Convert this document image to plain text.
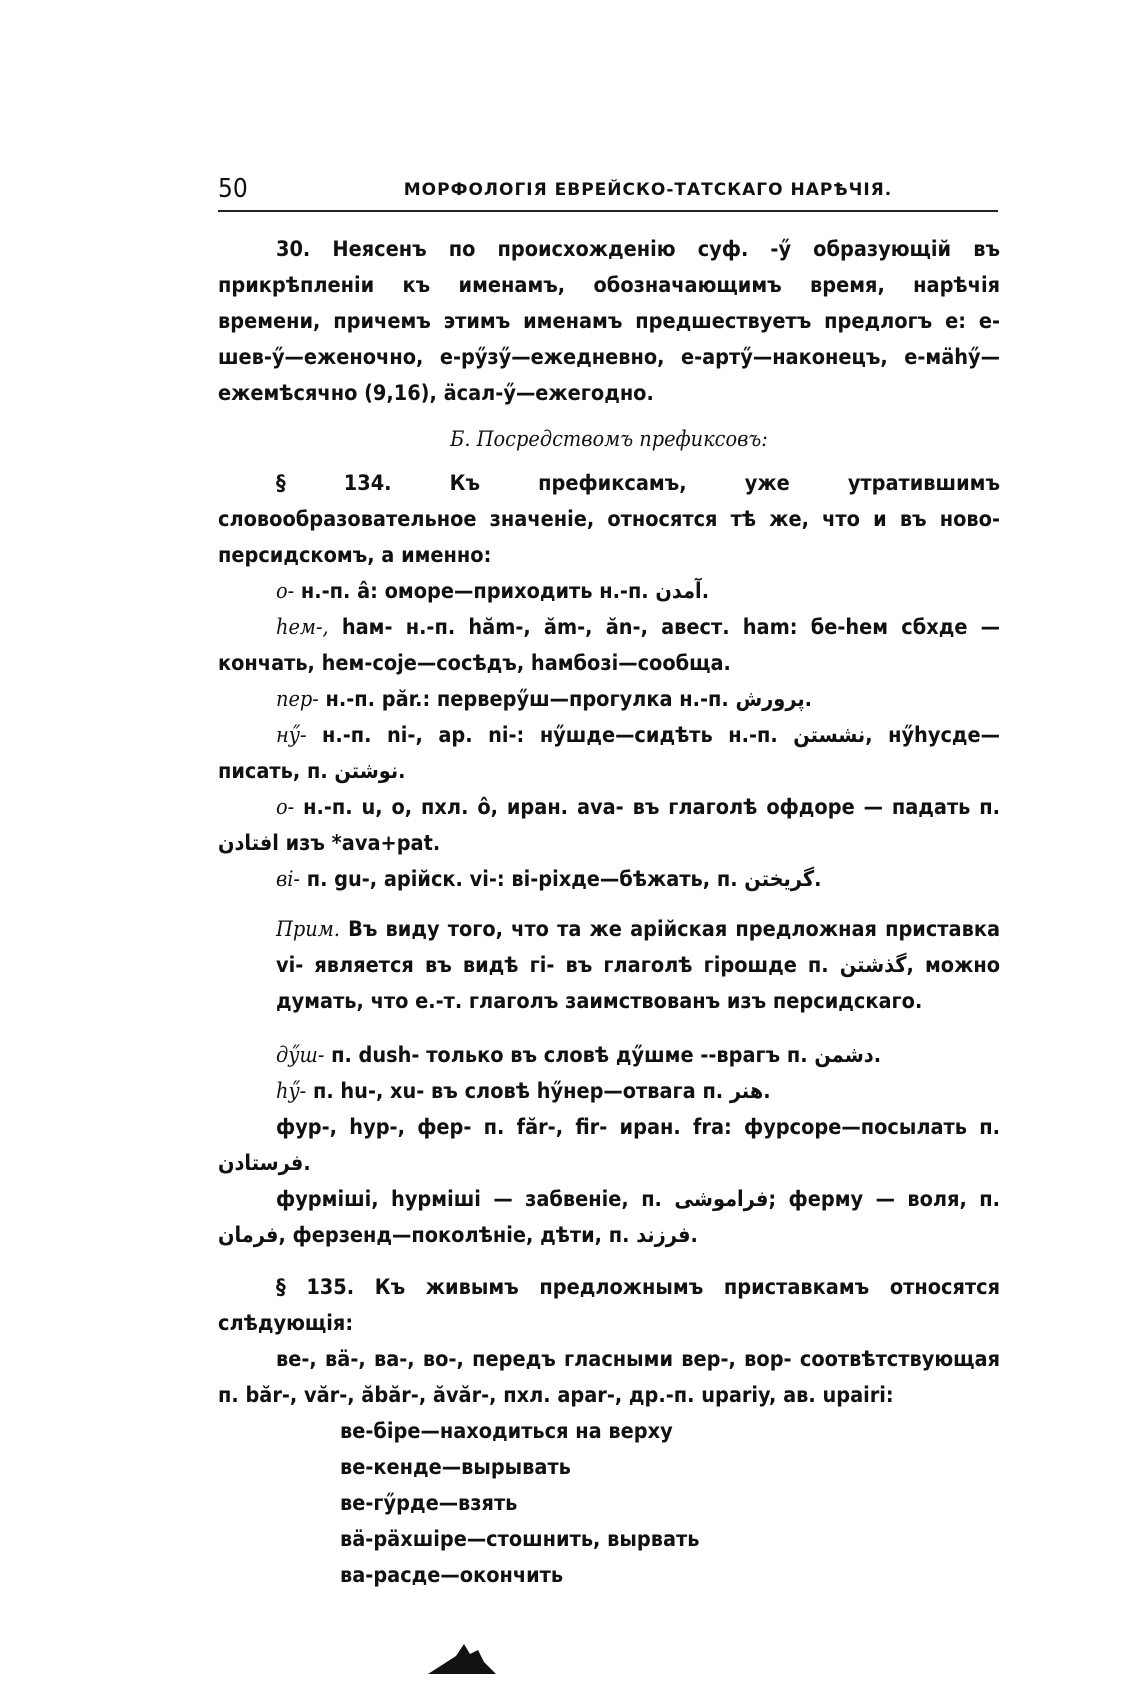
50	МОРФОЛОГІЯ ЕВРЕЙСКО-ТАТСКАГО НАРѢЧІЯ.

30. Неясенъ по происхожденію суф. -ӳ образующій въ прикрѣпленіи къ именамъ, обозначающимъ время, нарѣчія времени, причемъ этимъ именамъ предшествуетъ предлогъ е: е-шев-ӳ—еженочно, е-рӳзӳ—ежедневно, е-артӳ—наконецъ, е-мähӳ—ежемѣсячно (9,16), äсал-ӳ—ежегодно.

Б. Посредствомъ префиксовъ:

§ 134. Къ префиксамъ, уже утратившимъ словообразовательное значеніе, относятся тѣ же, что и въ ново-персидскомъ, а именно:

о- н.-п. â: оморе—приходить н.-п. آمدن.

hем-, hам- н.-п. hăm-, ăm-, ăn-, авест. ham: бе-hем сбхде — кончать, hем-соје—сосѣдъ, hамбозі—сообща.

пер- н.-п. păr.: перверӳш—прогулка н.-п. پرورش.

нӳ- н.-п. ni-, ар. ni-: нӳшде—сидѣть н.-п. نشستن, нӳhусде—писать, п. نوشتن.

о- н.-п. u, o, пхл. ô, иран. ava- въ глаголѣ офдоре — падать п. افتادن изъ *ava+pat.

ві- п. gu-, арійск. vi-: ві-ріхде—бѣжать, п. گریختن.

Прим. Въ виду того, что та же арійская предложная приставка vi- является въ видѣ гі- въ глаголѣ гірошде п. گذشتن, можно думать, что е.-т. глаголъ заимствованъ изъ персидскаго.

дӳш- п. dush- только въ словѣ дӳшме --врагъ п. دشمن.

hӳ- п. hu-, xu- въ словѣ hӳнер—отвага п. هنر.

фур-, hур-, фер- п. făr-, fir- иран. fra: фурсоре—посылать п. فرستادن.

фурміші, hурміші — забвеніе, п. فراموشی; ферму — воля, п. فرمان, ферзенд—поколѣніе, дѣти, п. فرزند.

§ 135. Къ живымъ предложнымъ приставкамъ относятся слѣдующія:

ве-, вä-, ва-, во-, передъ гласными вер-, вор- соотвѣтствующая п. băr-, văr-, ăbăr-, ăvăr-, пхл. apar-, др.-п. upariy, ав. upairi:

ве-біре—находиться на верху
ве-кенде—вырывать
ве-гӳрде—взять
вä-рäхшіре—стошнить, вырвать
ва-расде—окончить
